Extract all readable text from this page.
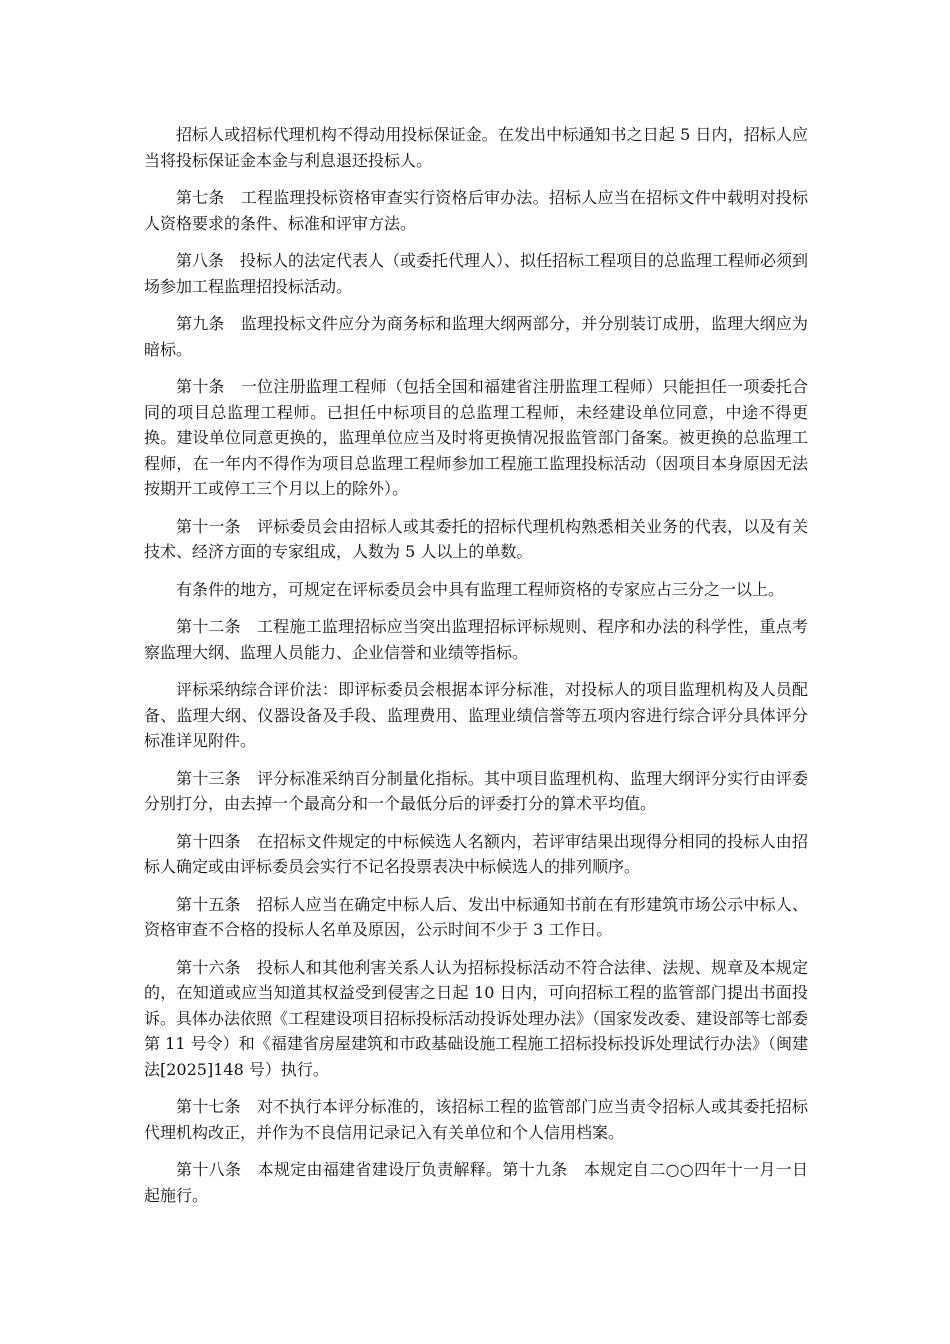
招标人或招标代理机构不得动用投标保证金。在发出中标通知书之日起 5 日内，招标人应当将投标保证金本金与利息退还投标人。

第七条　工程监理投标资格审查实行资格后审办法。招标人应当在招标文件中载明对投标人资格要求的条件、标准和评审方法。

第八条　投标人的法定代表人（或委托代理人）、拟任招标工程项目的总监理工程师必须到场参加工程监理招投标活动。

第九条　监理投标文件应分为商务标和监理大纲两部分，并分别装订成册，监理大纲应为暗标。

第十条　一位注册监理工程师（包括全国和福建省注册监理工程师）只能担任一项委托合同的项目总监理工程师。已担任中标项目的总监理工程师，未经建设单位同意，中途不得更换。建设单位同意更换的，监理单位应当及时将更换情况报监管部门备案。被更换的总监理工程师，在一年内不得作为项目总监理工程师参加工程施工监理投标活动（因项目本身原因无法按期开工或停工三个月以上的除外）。

第十一条　评标委员会由招标人或其委托的招标代理机构熟悉相关业务的代表，以及有关技术、经济方面的专家组成，人数为 5 人以上的单数。

有条件的地方，可规定在评标委员会中具有监理工程师资格的专家应占三分之一以上。

第十二条　工程施工监理招标应当突出监理招标评标规则、程序和办法的科学性，重点考察监理大纲、监理人员能力、企业信誉和业绩等指标。

评标采纳综合评价法：即评标委员会根据本评分标准，对投标人的项目监理机构及人员配备、监理大纲、仪器设备及手段、监理费用、监理业绩信誉等五项内容进行综合评分具体评分标准详见附件。

第十三条　评分标准采纳百分制量化指标。其中项目监理机构、监理大纲评分实行由评委分别打分，由去掉一个最高分和一个最低分后的评委打分的算术平均值。

第十四条　在招标文件规定的中标候选人名额内，若评审结果出现得分相同的投标人由招标人确定或由评标委员会实行不记名投票表决中标候选人的排列顺序。

第十五条　招标人应当在确定中标人后、发出中标通知书前在有形建筑市场公示中标人、资格审查不合格的投标人名单及原因，公示时间不少于 3 工作日。

第十六条　投标人和其他利害关系人认为招标投标活动不符合法律、法规、规章及本规定的，在知道或应当知道其权益受到侵害之日起 10 日内，可向招标工程的监管部门提出书面投诉。具体办法依照《工程建设项目招标投标活动投诉处理办法》（国家发改委、建设部等七部委第 11 号令）和《福建省房屋建筑和市政基础设施工程施工招标投标投诉处理试行办法》（闽建法[2025]148 号）执行。

第十七条　对不执行本评分标准的，该招标工程的监管部门应当责令招标人或其委托招标代理机构改正，并作为不良信用记录记入有关单位和个人信用档案。

第十八条　本规定由福建省建设厅负责解释。第十九条　本规定自二○○四年十一月一日起施行。
